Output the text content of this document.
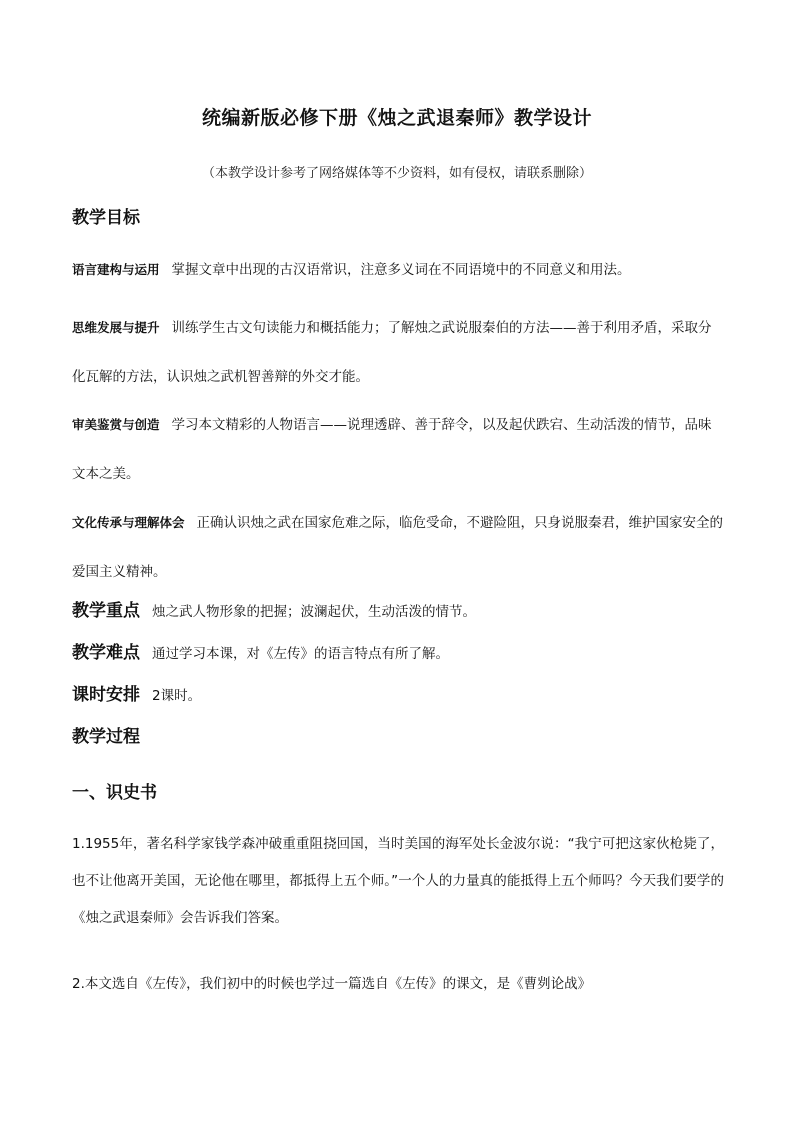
统编新版必修下册《烛之武退秦师》教学设计
（本教学设计参考了网络媒体等不少资料，如有侵权，请联系删除）
教学目标
语言建构与运用 掌握文章中出现的古汉语常识，注意多义词在不同语境中的不同意义和用法。
思维发展与提升 训练学生古文句读能力和概括能力；了解烛之武说服秦伯的方法——善于利用矛盾，采取分化瓦解的方法，认识烛之武机智善辩的外交才能。
审美鉴赏与创造 学习本文精彩的人物语言——说理透辟、善于辞令，以及起伏跌宕、生动活泼的情节，品味文本之美。
文化传承与理解体会 正确认识烛之武在国家危难之际，临危受命，不避险阻，只身说服秦君，维护国家安全的爱国主义精神。
教学重点 烛之武人物形象的把握；波澜起伏，生动活泼的情节。
教学难点 通过学习本课，对《左传》的语言特点有所了解。
课时安排 2课时。
教学过程
一、识史书
1.1955年，著名科学家钱学森冲破重重阻挠回国，当时美国的海军处长金波尔说：“我宁可把这家伙枪毙了，也不让他离开美国，无论他在哪里，都抵得上五个师。”一个人的力量真的能抵得上五个师吗？今天我们要学的《烛之武退秦师》会告诉我们答案。
2.本文选自《左传》，我们初中的时候也学过一篇选自《左传》的课文，是《曹刿论战》
